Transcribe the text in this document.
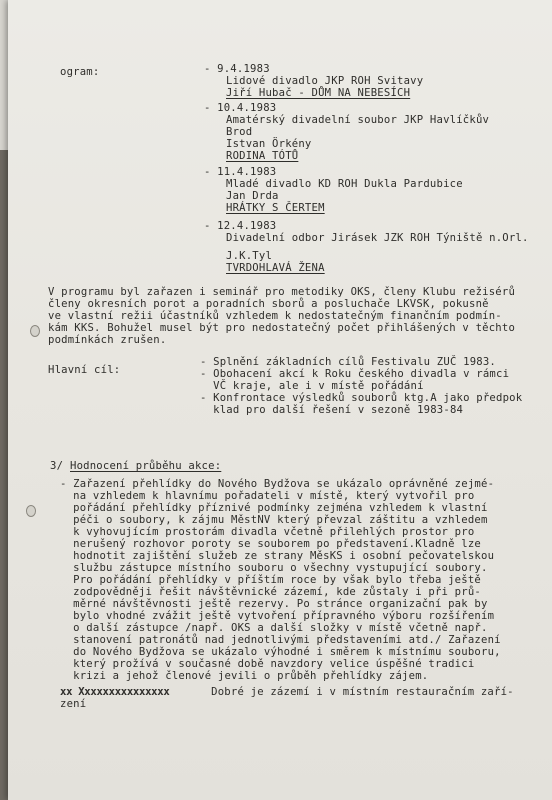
ogram:	- 9.4.1983
Lidové divadlo JKP ROH Svitavy
Jiří Hubač - DŮM NA NEBESÍCH
- 10.4.1983
Amatérský divadelní soubor JKP Havlíčkův
Brod
Istvan Örkény
RODINA TÓTŮ
- 11.4.1983
Mladé divadlo KD ROH Dukla Pardubice
Jan Drda
HRÁTKY S ČERTEM
- 12.4.1983
Divadelní odbor Jirásek JZK ROH Týniště n.Orl.
J.K.Tyl
TVRDOHLAVÁ ŽENA
V programu byl zařazen i seminář pro metodiky OKS, členy Klubu režisérů
členy okresních porot a poradních sborů a posluchače LKVSK, pokusně
ve vlastní režii účastníků vzhledem k nedostatečným finančním podmín-
kám KKS. Bohužel musel být pro nedostatečný počet přihlášených v těchto
podmínkách zrušen.
Hlavní cíl:
- Splnění základních cílů Festivalu ZUČ 1983.
- Obohacení akcí k Roku českého divadla v rámci
VČ kraje, ale i v místě pořádání
- Konfrontace výsledků souborů ktg.A jako předpok
klad pro další řešení v sezoně 1983-84
3/ Hodnocení průběhu akce:
- Zařazení přehlídky do Nového Bydžova se ukázalo oprávněné zejmé-
na vzhledem k hlavnímu pořadateli v místě, který vytvořil pro
pořádání přehlídky příznivé podmínky zejména vzhledem k vlastní
péči o soubory, k zájmu MěstNV který převzal záštitu a vzhledem
k vyhovujícím prostorám divadla včetně přilehlých prostor pro
nerušený rozhovor poroty se souborem po představení.Kladně lze
hodnotit zajištění služeb ze strany MěsKS i osobní pečovatelskou
službu zástupce místního souboru o všechny vystupující soubory.
Pro pořádání přehlídky v příštím roce by však bylo třeba ještě
zodpovědněji řešit návštěvnické zázemí, kde zůstaly i při prů-
měrné návštěvnosti ještě rezervy. Po stránce organizační pak by
bylo vhodné zvážit ještě vytvoření přípravného výboru rozšířením
o další zástupce /např. OKS a další složky v místě včetně např.
stanovení patronátů nad jednotlivými představeními atd./ Zařazení
do Nového Bydžova se ukázalo výhodné i směrem k místnímu souboru,
který prožívá v současné době navzdory velice úspěšné tradici
krizi a jehož členové jevili o průběh přehlídky zájem.
xx Xxxxxxxxxxxxxxx	Dobré je zázemí i v místním restauračním zaří-
zení
